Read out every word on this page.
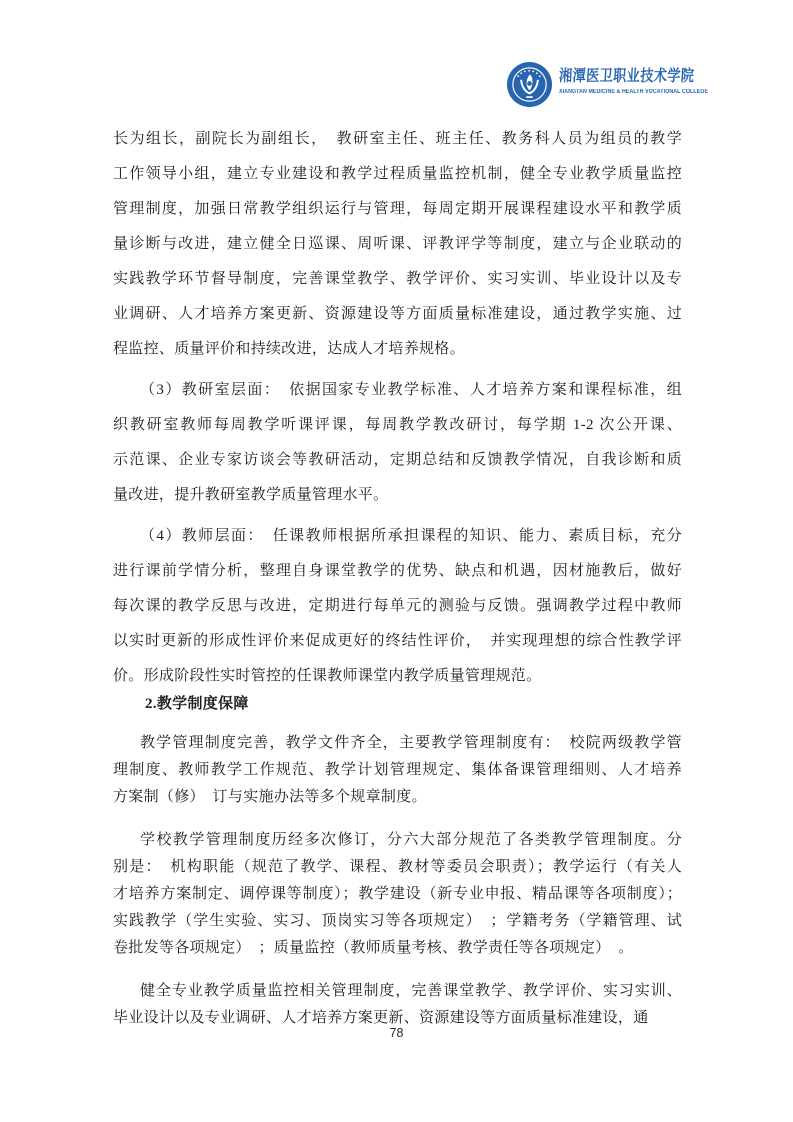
湘潭医卫职业技术学院
XIANGTAN MEDICINE & HEALTH VOCATIONAL COLLEGE
长为组长，副院长为副组长，　教研室主任、班主任、教务科人员为组员的教学
工作领导小组，建立专业建设和教学过程质量监控机制，健全专业教学质量监控
管理制度，加强日常教学组织运行与管理，每周定期开展课程建设水平和教学质
量诊断与改进，建立健全日巡课、周听课、评教评学等制度，建立与企业联动的
实践教学环节督导制度，完善课堂教学、教学评价、实习实训、毕业设计以及专
业调研、人才培养方案更新、资源建设等方面质量标准建设，通过教学实施、过
程监控、质量评价和持续改进，达成人才培养规格。
（3）教研室层面：　依据国家专业教学标准、人才培养方案和课程标准，组
织教研室教师每周教学听课评课，每周教学教改研讨，每学期 1-2 次公开课、
示范课、企业专家访谈会等教研活动，定期总结和反馈教学情况，自我诊断和质
量改进，提升教研室教学质量管理水平。
（4）教师层面：　任课教师根据所承担课程的知识、能力、素质目标，充分
进行课前学情分析，整理自身课堂教学的优势、缺点和机遇，因材施教后，做好
每次课的教学反思与改进，定期进行每单元的测验与反馈。强调教学过程中教师
以实时更新的形成性评价来促成更好的终结性评价，　并实现理想的综合性教学评
价。形成阶段性实时管控的任课教师课堂内教学质量管理规范。
2.教学制度保障
教学管理制度完善，教学文件齐全，主要教学管理制度有：　校院两级教学管
理制度、教师教学工作规范、教学计划管理规定、集体备课管理细则、人才培养
方案制（修）　订与实施办法等多个规章制度。
学校教学管理制度历经多次修订，分六大部分规范了各类教学管理制度。分
别是：　机构职能（规范了教学、课程、教材等委员会职责）；教学运行（有关人
才培养方案制定、调停课等制度）；教学建设（新专业申报、精品课等各项制度）；
实践教学（学生实验、实习、顶岗实习等各项规定）　；学籍考务（学籍管理、试
卷批发等各项规定）　；质量监控（教师质量考核、教学责任等各项规定）　。
健全专业教学质量监控相关管理制度，完善课堂教学、教学评价、实习实训、
毕业设计以及专业调研、人才培养方案更新、资源建设等方面质量标准建设，通
78
